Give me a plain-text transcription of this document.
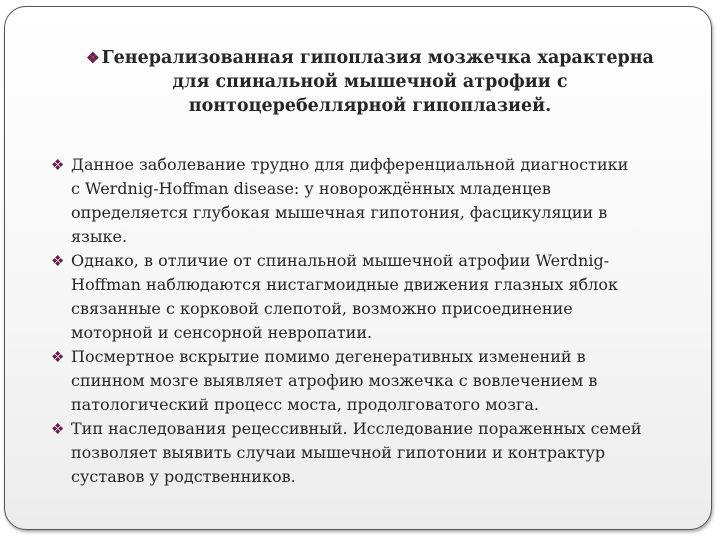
❖ Генерализованная гипоплазия мозжечка характерна
для спинальной мышечной атрофии с
понтоцеребеллярной гипоплазией.
❖ Данное заболевание трудно для дифференциальной диагностики
с Werdnig-Hoffman disease: у новорождённых младенцев
определяется глубокая мышечная гипотония, фасцикуляции в
языке.
❖ Однако, в отличие от спинальной мышечной атрофии Werdnig-
Hoffman наблюдаются нистагмоидные движения глазных яблок
связанные с корковой слепотой, возможно присоединение
моторной и сенсорной невропатии.
❖ Посмертное вскрытие помимо дегенеративных изменений в
спинном мозге выявляет атрофию мозжечка с вовлечением в
патологический процесс моста, продолговатого мозга.
❖ Тип наследования рецессивный. Исследование пораженных семей
позволяет выявить случаи мышечной гипотонии и контрактур
суставов у родственников.
